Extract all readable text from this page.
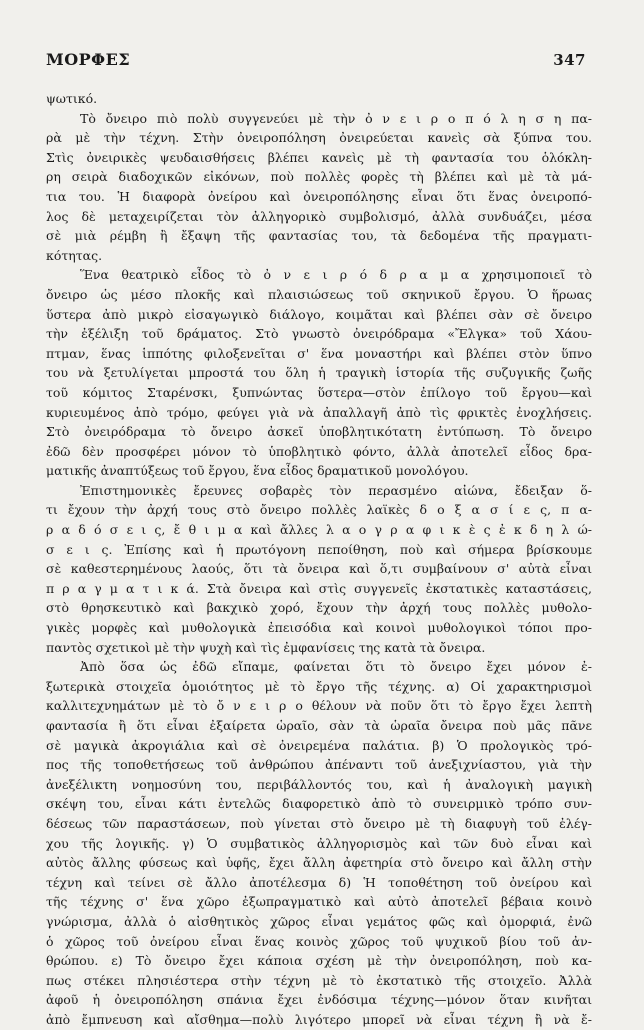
ΜΟΡΦΕΣ	347
ψωτικό.
Τὸ ὄνειρο πιὸ πολὺ συγγενεύει μὲ τὴν ὀ ν ε ι ρ ο π ό λ η σ η πα-
ρὰ μὲ τὴν τέχνη. Στὴν ὀνειροπόληση ὀνειρεύεται κανεὶς σὰ ξύπνα του.
Στὶς ὀνειρικὲς ψευδαισθήσεις βλέπει κανεὶς μὲ τὴ φαντασία του ὁλόκλη-
ρη σειρὰ διαδοχικῶν εἰκόνων, ποὺ πολλὲς φορὲς τὴ βλέπει καὶ μὲ τὰ μά-
τια του. Ἡ διαφορὰ ὀνείρου καὶ ὀνειροπόλησης εἶναι ὅτι ἕνας ὀνειροπό-
λος δὲ μεταχειρίζεται τὸν ἀλληγορικὸ συμβολισμό, ἀλλὰ συνδυάζει, μέσα
σὲ μιὰ ρέμβη ἢ ἔξαψη τῆς φαντασίας του, τὰ δεδομένα τῆς πραγματι-
κότητας.
Ἕνα θεατρικὸ εἶδος τὸ ὀ ν ε ι ρ ό δ ρ α μ α χρησιμοποιεῖ τὸ
ὄνειρο ὡς μέσο πλοκῆς καὶ πλαισιώσεως τοῦ σκηνικοῦ ἔργου. Ὁ ἥρωας
ὕστερα ἀπὸ μικρὸ εἰσαγωγικὸ διάλογο, κοιμᾶται καὶ βλέπει σὰν σὲ ὄνειρο
τὴν ἐξέλιξη τοῦ δράματος. Στὸ γνωστὸ ὀνειρόδραμα «Ἔλγκα» τοῦ Χάου-
πτμαν, ἕνας ἱππότης φιλοξενεῖται σ' ἕνα μοναστήρι καὶ βλέπει στὸν ὕπνο
του νὰ ξετυλίγεται μπροστά του ὅλη ἡ τραγικὴ ἱστορία τῆς συζυγικῆς ζωῆς
τοῦ κόμιτος Σταρένσκι, ξυπνώντας ὕστερα—στὸν ἐπίλογο τοῦ ἔργου—καὶ
κυριευμένος ἀπὸ τρόμο, φεύγει γιὰ νὰ ἀπαλλαγῆ ἀπὸ τὶς φρικτὲς ἐνοχλήσεις.
Στὸ ὀνειρόδραμα τὸ ὄνειρο ἀσκεῖ ὑποβλητικότατη ἐντύπωση. Τὸ ὄνειρο
ἐδῶ δὲν προσφέρει μόνον τὸ ὑποβλητικὸ φόντο, ἀλλὰ ἀποτελεῖ εἶδος δρα-
ματικῆς ἀναπτύξεως τοῦ ἔργου, ἕνα εἶδος δραματικοῦ μονολόγου.
Ἐπιστημονικὲς ἔρευνες σοβαρὲς τὸν περασμένο αἰώνα, ἔδειξαν ὅ-
τι ἔχουν τὴν ἀρχή τους στὸ ὄνειρο πολλὲς λαϊκὲς δ ο ξ α σ ί ε ς, π α-
ρ α δ ό σ ε ι ς, ἔ θ ι μ α καὶ ἄλλες λ α ο γ ρ α φ ι κ ὲ ς ἐ κ δ η λ ώ-
σ ε ι ς. Ἐπίσης καὶ ἡ πρωτόγονη πεποίθηση, ποὺ καὶ σήμερα βρίσκουμε
σὲ καθεστερημένους λαούς, ὅτι τὰ ὄνειρα καὶ ὅ,τι συμβαίνουν σ' αὐτὰ εἶναι
π ρ α γ μ α τ ι κ ά. Στὰ ὄνειρα καὶ στὶς συγγενεῖς ἐκστατικὲς καταστάσεις,
στὸ θρησκευτικὸ καὶ βακχικὸ χορό, ἔχουν τὴν ἀρχή τους πολλὲς μυθολο-
γικὲς μορφὲς καὶ μυθολογικὰ ἐπεισόδια καὶ κοινοὶ μυθολογικοὶ τόποι προ-
παντὸς σχετικοὶ μὲ τὴν ψυχὴ καὶ τὶς ἐμφανίσεις της κατὰ τὰ ὄνειρα.
Ἀπὸ ὅσα ὡς ἐδῶ εἴπαμε, φαίνεται ὅτι τὸ ὄνειρο ἔχει μόνον ἐ-
ξωτερικὰ στοιχεῖα ὁμοιότητος μὲ τὸ ἔργο τῆς τέχνης. α) Οἱ χαρακτηρισμοὶ
καλλιτεχνημάτων μὲ τὸ ὄ ν ε ι ρ ο θέλουν νὰ ποῦν ὅτι τὸ ἔργο ἔχει λεπτὴ
φαντασία ἢ ὅτι εἶναι ἐξαίρετα ὡραῖο, σὰν τὰ ὡραῖα ὄνειρα ποὺ μᾶς πᾶνε
σὲ μαγικὰ ἀκρογιάλια καὶ σὲ ὀνειρεμένα παλάτια. β) Ὁ προλογικὸς τρό-
πος τῆς τοποθετήσεως τοῦ ἀνθρώπου ἀπέναντι τοῦ ἀνεξιχνίαστου, γιὰ τὴν
ἀνεξέλικτη νοημοσύνη του, περιβάλλοντός του, καὶ ἡ ἀναλογικὴ μαγικὴ
σκέψη του, εἶναι κάτι ἐντελῶς διαφορετικὸ ἀπὸ τὸ συνειρμικὸ τρόπο συν-
δέσεως τῶν παραστάσεων, ποὺ γίνεται στὸ ὄνειρο μὲ τὴ διαφυγὴ τοῦ ἐλέγ-
χου τῆς λογικῆς. γ) Ὁ συμβατικὸς ἀλληγορισμὸς καὶ τῶν δυὸ εἶναι καὶ
αὐτὸς ἄλλης φύσεως καὶ ὑφῆς, ἔχει ἄλλη ἀφετηρία στὸ ὄνειρο καὶ ἄλλη στὴν
τέχνη καὶ τείνει σὲ ἄλλο ἀποτέλεσμα δ) Ἡ τοποθέτηση τοῦ ὀνείρου καὶ
τῆς τέχνης σ' ἕνα χῶρο ἐξωπραγματικὸ καὶ αὐτὸ ἀποτελεῖ βέβαια κοινὸ
γνώρισμα, ἀλλὰ ὁ αἰσθητικὸς χῶρος εἶναι γεμάτος φῶς καὶ ὀμορφιά, ἐνῶ
ὁ χῶρος τοῦ ὀνείρου εἶναι ἕνας κοινὸς χῶρος τοῦ ψυχικοῦ βίου τοῦ ἀν-
θρώπου. ε) Τὸ ὄνειρο ἔχει κάποια σχέση μὲ τὴν ὀνειροπόληση, ποὺ κα-
πως στέκει πλησιέστερα στὴν τέχνη μὲ τὸ ἐκστατικὸ τῆς στοιχεῖο. Ἀλλὰ
ἀφοῦ ἡ ὀνειροπόληση σπάνια ἔχει ἐνδόσιμα τέχνης—μόνον ὅταν κινῆται
ἀπὸ ἔμπνευση καὶ αἴσθημα—πολὺ λιγότερο μπορεῖ νὰ εἶναι τέχνη ἢ νὰ ἔ-
